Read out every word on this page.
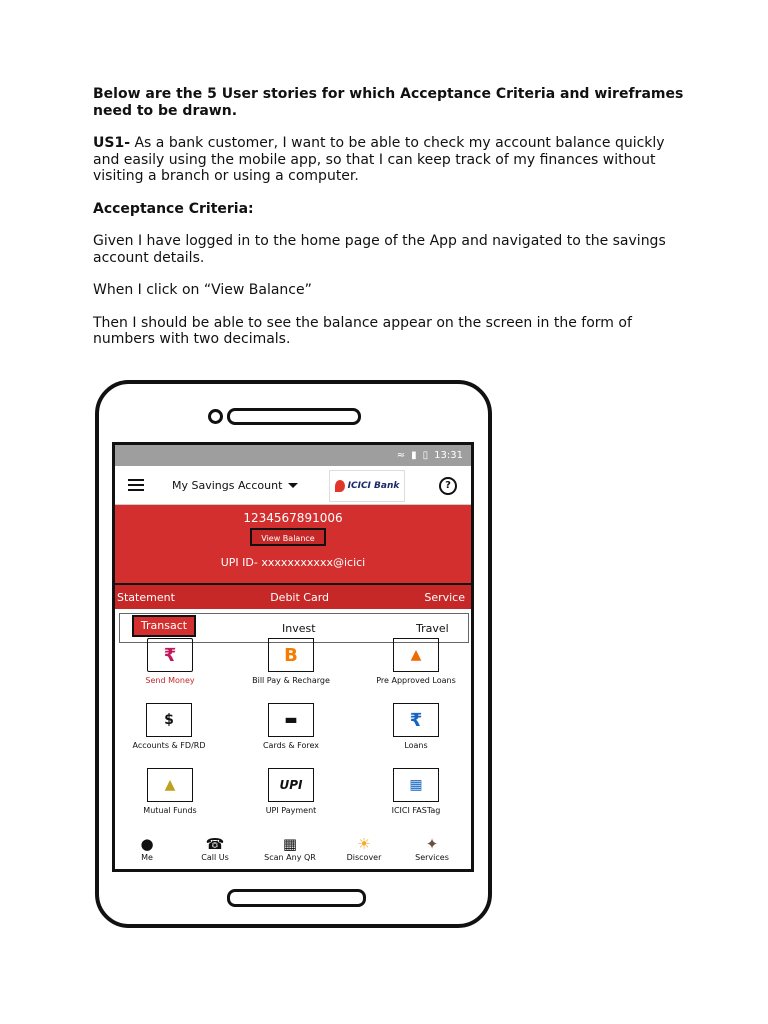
Below are the 5 User stories for which Acceptance Criteria and wireframes need to be drawn.

US1- As a bank customer, I want to be able to check my account balance quickly and easily using the mobile app, so that I can keep track of my finances without visiting a branch or using a computer.

Acceptance Criteria:

Given I have logged in to the home page of the App and navigated to the savings account details.

When I click on “View Balance”

Then I should be able to see the balance appear on the screen in the form of numbers with two decimals.

≈ ▮ ▯ 13:31
My Savings Account	ICICI Bank	?
1234567891006
View Balance
UPI ID- xxxxxxxxxxx@icici
Statement	Debit Card	Service
Transact	Invest	Travel
₹
Send Money
B
Bill Pay & Recharge
▲
Pre Approved Loans
$
Accounts & FD/RD
▬
Cards & Forex
₹
Loans
▲
Mutual Funds
UPI
UPI Payment
▦
ICICI FASTag
●
Me
☎
Call Us
▦
Scan Any QR
☀
Discover
✦
Services
